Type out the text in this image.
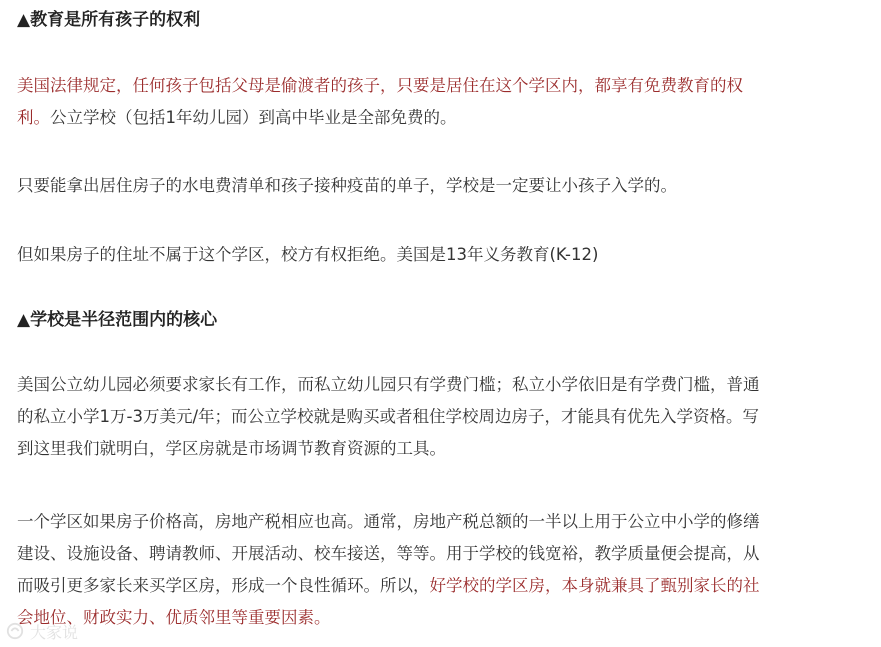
▲教育是所有孩子的权利
美国法律规定，任何孩子包括父母是偷渡者的孩子，只要是居住在这个学区内，都享有免费教育的权
利。公立学校（包括1年幼儿园）到高中毕业是全部免费的。
只要能拿出居住房子的水电费清单和孩子接种疫苗的单子，学校是一定要让小孩子入学的。
但如果房子的住址不属于这个学区，校方有权拒绝。美国是13年义务教育(K-12)
▲学校是半径范围内的核心
美国公立幼儿园必须要求家长有工作，而私立幼儿园只有学费门槛；私立小学依旧是有学费门槛，普通
的私立小学1万-3万美元/年；而公立学校就是购买或者租住学校周边房子，才能具有优先入学资格。写
到这里我们就明白，学区房就是市场调节教育资源的工具。
一个学区如果房子价格高，房地产税相应也高。通常，房地产税总额的一半以上用于公立中小学的修缮
建设、设施设备、聘请教师、开展活动、校车接送，等等。用于学校的钱宽裕，教学质量便会提高，从
而吸引更多家长来买学区房，形成一个良性循环。所以，好学校的学区房，本身就兼具了甄别家长的社
会地位、财政实力、优质邻里等重要因素。
大家说
